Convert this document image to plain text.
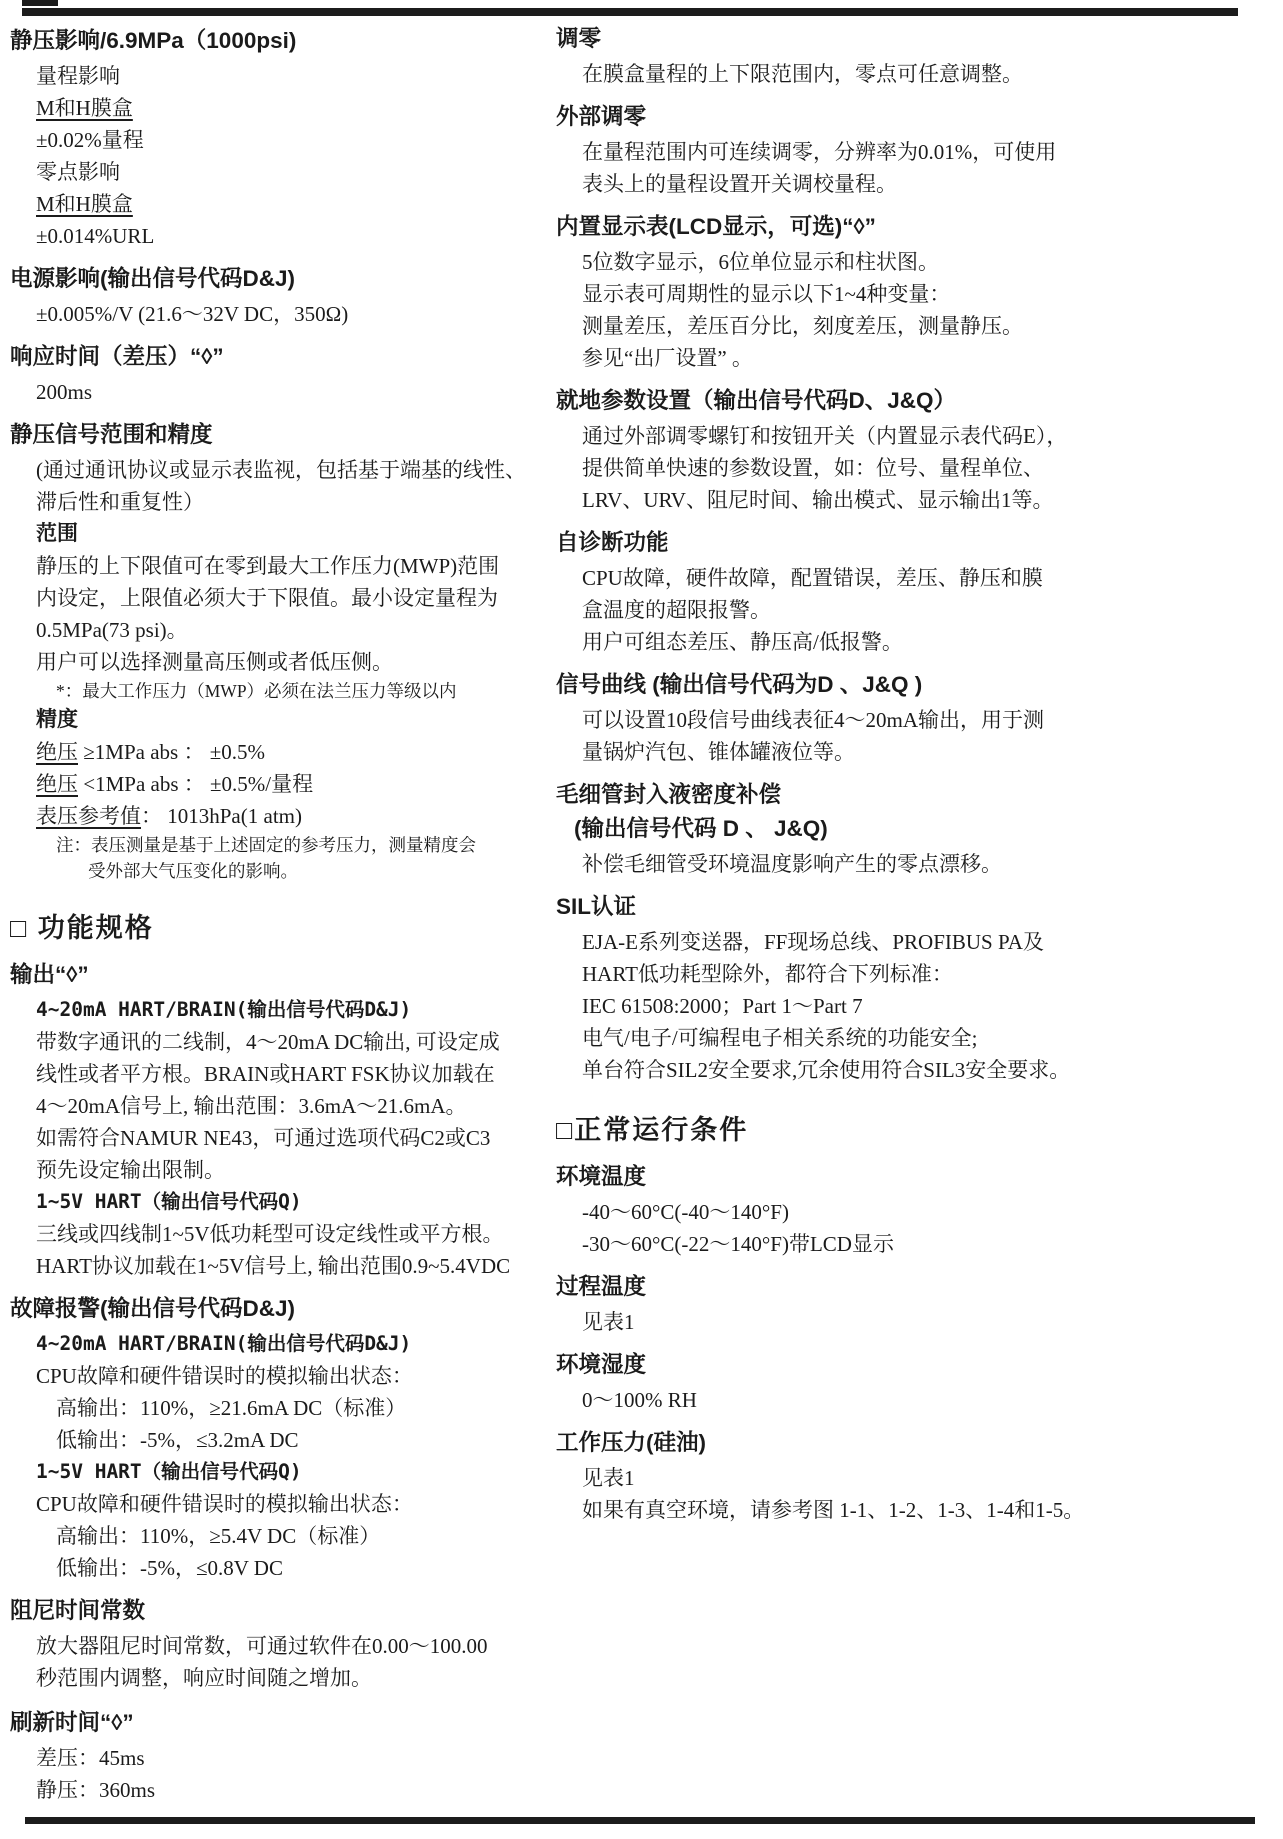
静压影响/6.9MPa（1000psi)
量程影响
M和H膜盒
±0.02%量程
零点影响
M和H膜盒
±0.014%URL
电源影响(输出信号代码D&J)
±0.005%/V (21.6～32V DC，350Ω)
响应时间（差压）“◊”
200ms
静压信号范围和精度
(通过通讯协议或显示表监视，包括基于端基的线性、
滞后性和重复性）
范围
静压的上下限值可在零到最大工作压力(MWP)范围
内设定，上限值必须大于下限值。最小设定量程为
0.5MPa(73 psi)。
用户可以选择测量高压侧或者低压侧。
*：最大工作压力（MWP）必须在法兰压力等级以内
精度
绝压 ≥1MPa abs ： ±0.5%
绝压 <1MPa abs ： ±0.5%/量程
表压参考值： 1013hPa(1 atm)
注：表压测量是基于上述固定的参考压力，测量精度会
受外部大气压变化的影响。
□ 功能规格
输出“◊”
4~20mA HART/BRAIN(输出信号代码D&J)
带数字通讯的二线制，4～20mA DC输出, 可设定成
线性或者平方根。BRAIN或HART FSK协议加载在
4～20mA信号上, 输出范围：3.6mA～21.6mA。
如需符合NAMUR NE43，可通过选项代码C2或C3
预先设定输出限制。
1~5V HART（输出信号代码Q)
三线或四线制1~5V低功耗型可设定线性或平方根。
HART协议加载在1~5V信号上, 输出范围0.9~5.4VDC
故障报警(输出信号代码D&J)
4~20mA HART/BRAIN(输出信号代码D&J)
CPU故障和硬件错误时的模拟输出状态：
高输出：110%，≥21.6mA DC（标准）
低输出：-5%，≤3.2mA DC
1~5V HART（输出信号代码Q)
CPU故障和硬件错误时的模拟输出状态：
高输出：110%，≥5.4V DC（标准）
低输出：-5%，≤0.8V DC
阻尼时间常数
放大器阻尼时间常数，可通过软件在0.00～100.00
秒范围内调整，响应时间随之增加。
刷新时间“◊”
差压：45ms
静压：360ms
调零
在膜盒量程的上下限范围内，零点可任意调整。
外部调零
在量程范围内可连续调零，分辨率为0.01%，可使用
表头上的量程设置开关调校量程。
内置显示表(LCD显示，可选)“◊”
5位数字显示，6位单位显示和柱状图。
显示表可周期性的显示以下1~4种变量：
测量差压，差压百分比，刻度差压，测量静压。
参见“出厂设置” 。
就地参数设置（输出信号代码D、J&Q）
通过外部调零螺钉和按钮开关（内置显示表代码E），
提供简单快速的参数设置，如：位号、量程单位、
LRV、URV、阻尼时间、输出模式、显示输出1等。
自诊断功能
CPU故障，硬件故障，配置错误，差压、静压和膜
盒温度的超限报警。
用户可组态差压、静压高/低报警。
信号曲线 (输出信号代码为D 、J&Q )
可以设置10段信号曲线表征4～20mA输出，用于测
量锅炉汽包、锥体罐液位等。
毛细管封入液密度补偿
(输出信号代码 D 、 J&Q)
补偿毛细管受环境温度影响产生的零点漂移。
SIL认证
EJA-E系列变送器，FF现场总线、PROFIBUS PA及
HART低功耗型除外，都符合下列标准：
IEC 61508:2000；Part 1～Part 7
电气/电子/可编程电子相关系统的功能安全;
单台符合SIL2安全要求,冗余使用符合SIL3安全要求。
□正常运行条件
环境温度
-40～60°C(-40～140°F)
-30～60°C(-22～140°F)带LCD显示
过程温度
见表1
环境湿度
0～100% RH
工作压力(硅油)
见表1
如果有真空环境，请参考图 1-1、1-2、1-3、1-4和1-5。
